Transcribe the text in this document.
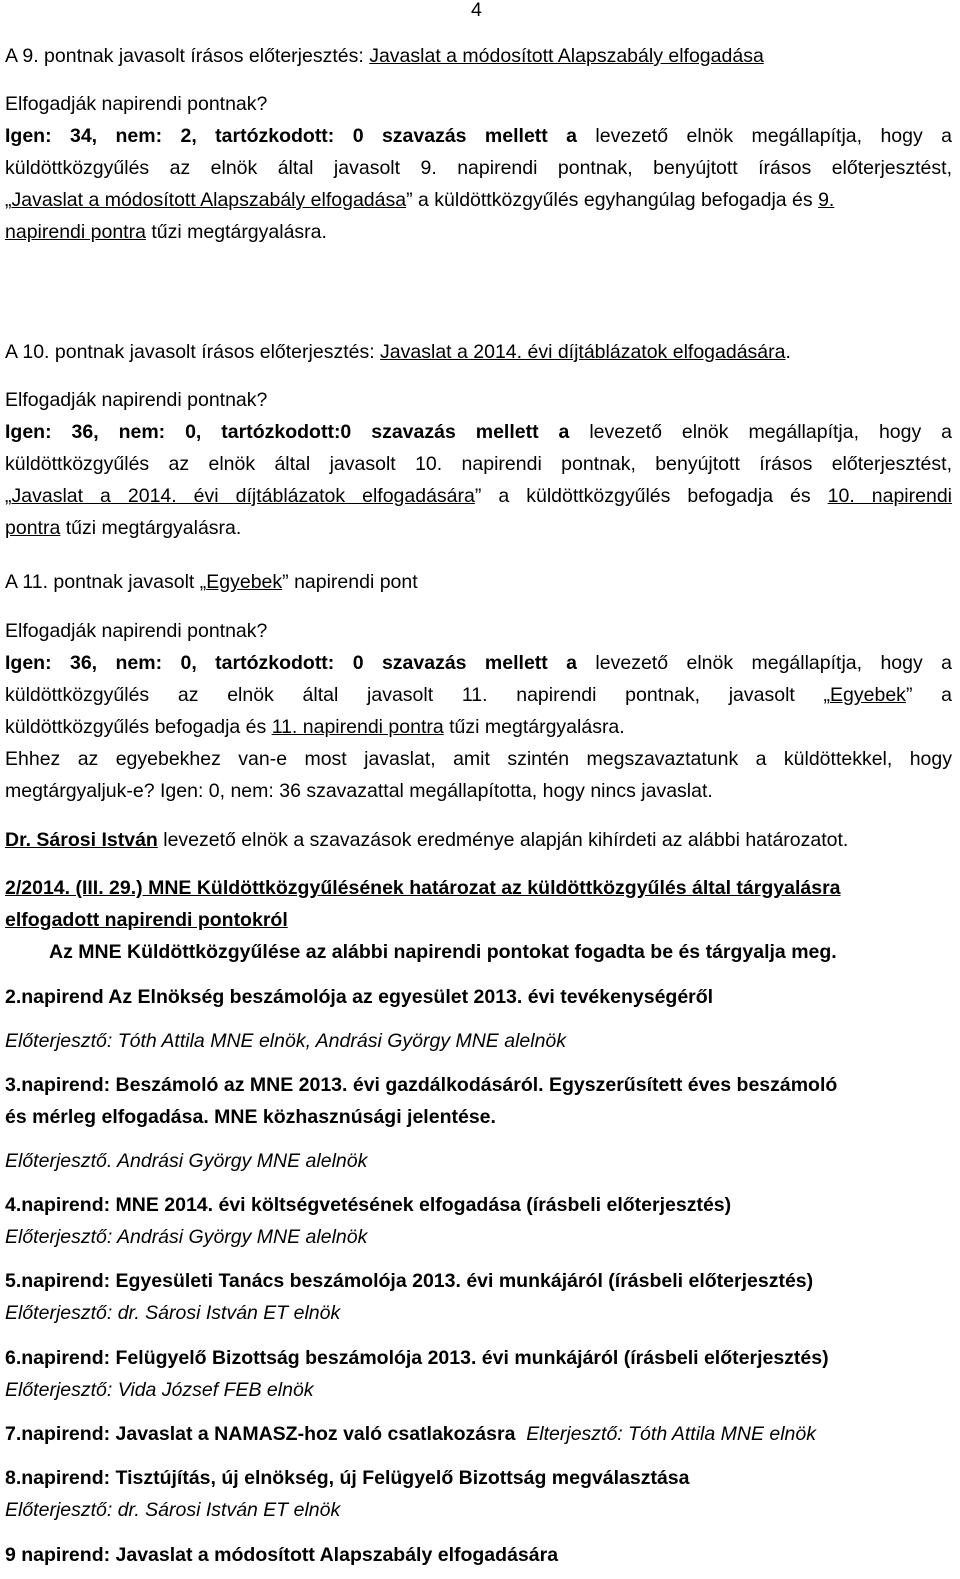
4
A 9. pontnak javasolt írásos előterjesztés: Javaslat a módosított Alapszabály elfogadása
Elfogadják napirendi pontnak?
Igen: 34, nem: 2, tartózkodott: 0 szavazás mellett a levezető elnök megállapítja, hogy a
küldöttközgyűlés az elnök által javasolt 9. napirendi pontnak, benyújtott írásos előterjesztést,
„Javaslat a módosított Alapszabály elfogadása” a küldöttközgyűlés egyhangúlag befogadja és 9.
napirendi pontra tűzi megtárgyalásra.
A 10. pontnak javasolt írásos előterjesztés: Javaslat a 2014. évi díjtáblázatok elfogadására.
Elfogadják napirendi pontnak?
Igen: 36, nem: 0, tartózkodott:0 szavazás mellett a levezető elnök megállapítja, hogy a
küldöttközgyűlés az elnök által javasolt 10. napirendi pontnak, benyújtott írásos előterjesztést,
„Javaslat a 2014. évi díjtáblázatok elfogadására” a küldöttközgyűlés befogadja és 10. napirendi
pontra tűzi megtárgyalásra.
A 11. pontnak javasolt „Egyebek” napirendi pont
Elfogadják napirendi pontnak?
Igen: 36, nem: 0, tartózkodott: 0 szavazás mellett a levezető elnök megállapítja, hogy a
küldöttközgyűlés az elnök által javasolt 11. napirendi pontnak, javasolt „Egyebek” a
küldöttközgyűlés befogadja és 11. napirendi pontra tűzi megtárgyalásra.
Ehhez az egyebekhez van-e most javaslat, amit szintén megszavaztatunk a küldöttekkel, hogy
megtárgyaljuk-e? Igen: 0, nem: 36 szavazattal megállapította, hogy nincs javaslat.
Dr. Sárosi István levezető elnök a szavazások eredménye alapján kihírdeti az alábbi határozatot.
2/2014. (III. 29.) MNE Küldöttközgyűlésének határozat az küldöttközgyűlés által tárgyalásra
elfogadott napirendi pontokról
Az MNE Küldöttközgyűlése az alábbi napirendi pontokat fogadta be és tárgyalja meg.
2.napirend Az Elnökség beszámolója az egyesület 2013. évi tevékenységéről
Előterjesztő: Tóth Attila MNE elnök, Andrási György MNE alelnök
3.napirend: Beszámoló az MNE 2013. évi gazdálkodásáról. Egyszerűsített éves beszámoló
és mérleg elfogadása. MNE közhasznúsági jelentése.
Előterjesztő. Andrási György MNE alelnök
4.napirend: MNE 2014. évi költségvetésének elfogadása (írásbeli előterjesztés)
Előterjesztő: Andrási György MNE alelnök
5.napirend: Egyesületi Tanács beszámolója 2013. évi munkájáról (írásbeli előterjesztés)
Előterjesztő: dr. Sárosi István ET elnök
6.napirend: Felügyelő Bizottság beszámolója 2013. évi munkájáról (írásbeli előterjesztés)
Előterjesztő: Vida József FEB elnök
7.napirend: Javaslat a NAMASZ-hoz való csatlakozásra  Elterjesztő: Tóth Attila MNE elnök
8.napirend: Tisztújítás, új elnökség, új Felügyelő Bizottság megválasztása
Előterjesztő: dr. Sárosi István ET elnök
9 napirend: Javaslat a módosított Alapszabály elfogadására
